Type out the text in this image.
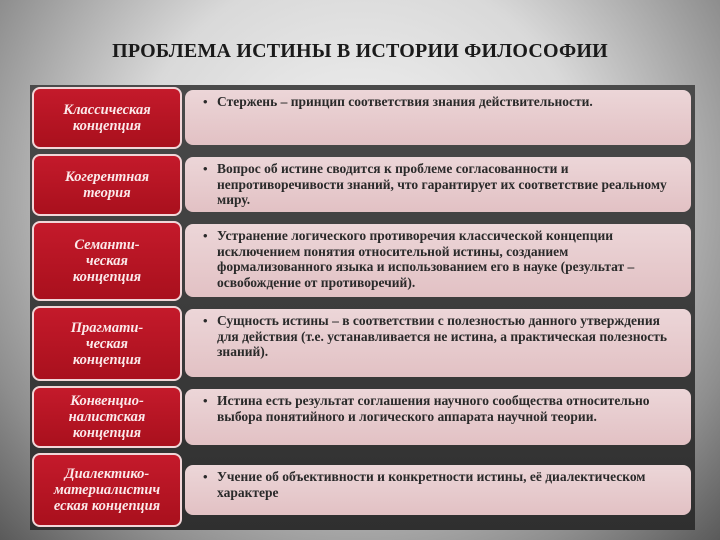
ПРОБЛЕМА ИСТИНЫ В ИСТОРИИ ФИЛОСОФИИ
Классическая
концепция
• Стержень – принцип соответствия знания действительности.
Когерентная
теория
• Вопрос об истине сводится к проблеме согласованности и непротиворечивости знаний, что гарантирует их соответствие реальному миру.
Семанти-
ческая
концепция
• Устранение логического противоречия классической концепции исключением понятия относительной истины, созданием формализованного языка и использованием его в науке (результат – освобождение от противоречий).
Прагмати-
ческая
концепция
• Сущность истины – в соответствии с полезностью данного утверждения для действия (т.е. устанавливается не истина, а практическая полезность знаний).
Конвенцио-
налистская
концепция
• Истина есть результат соглашения научного сообщества относительно выбора понятийного и логического аппарата научной теории.
Диалектико-
материалистич
еская концепция
• Учение об объективности и конкретности истины, её диалектическом характере
